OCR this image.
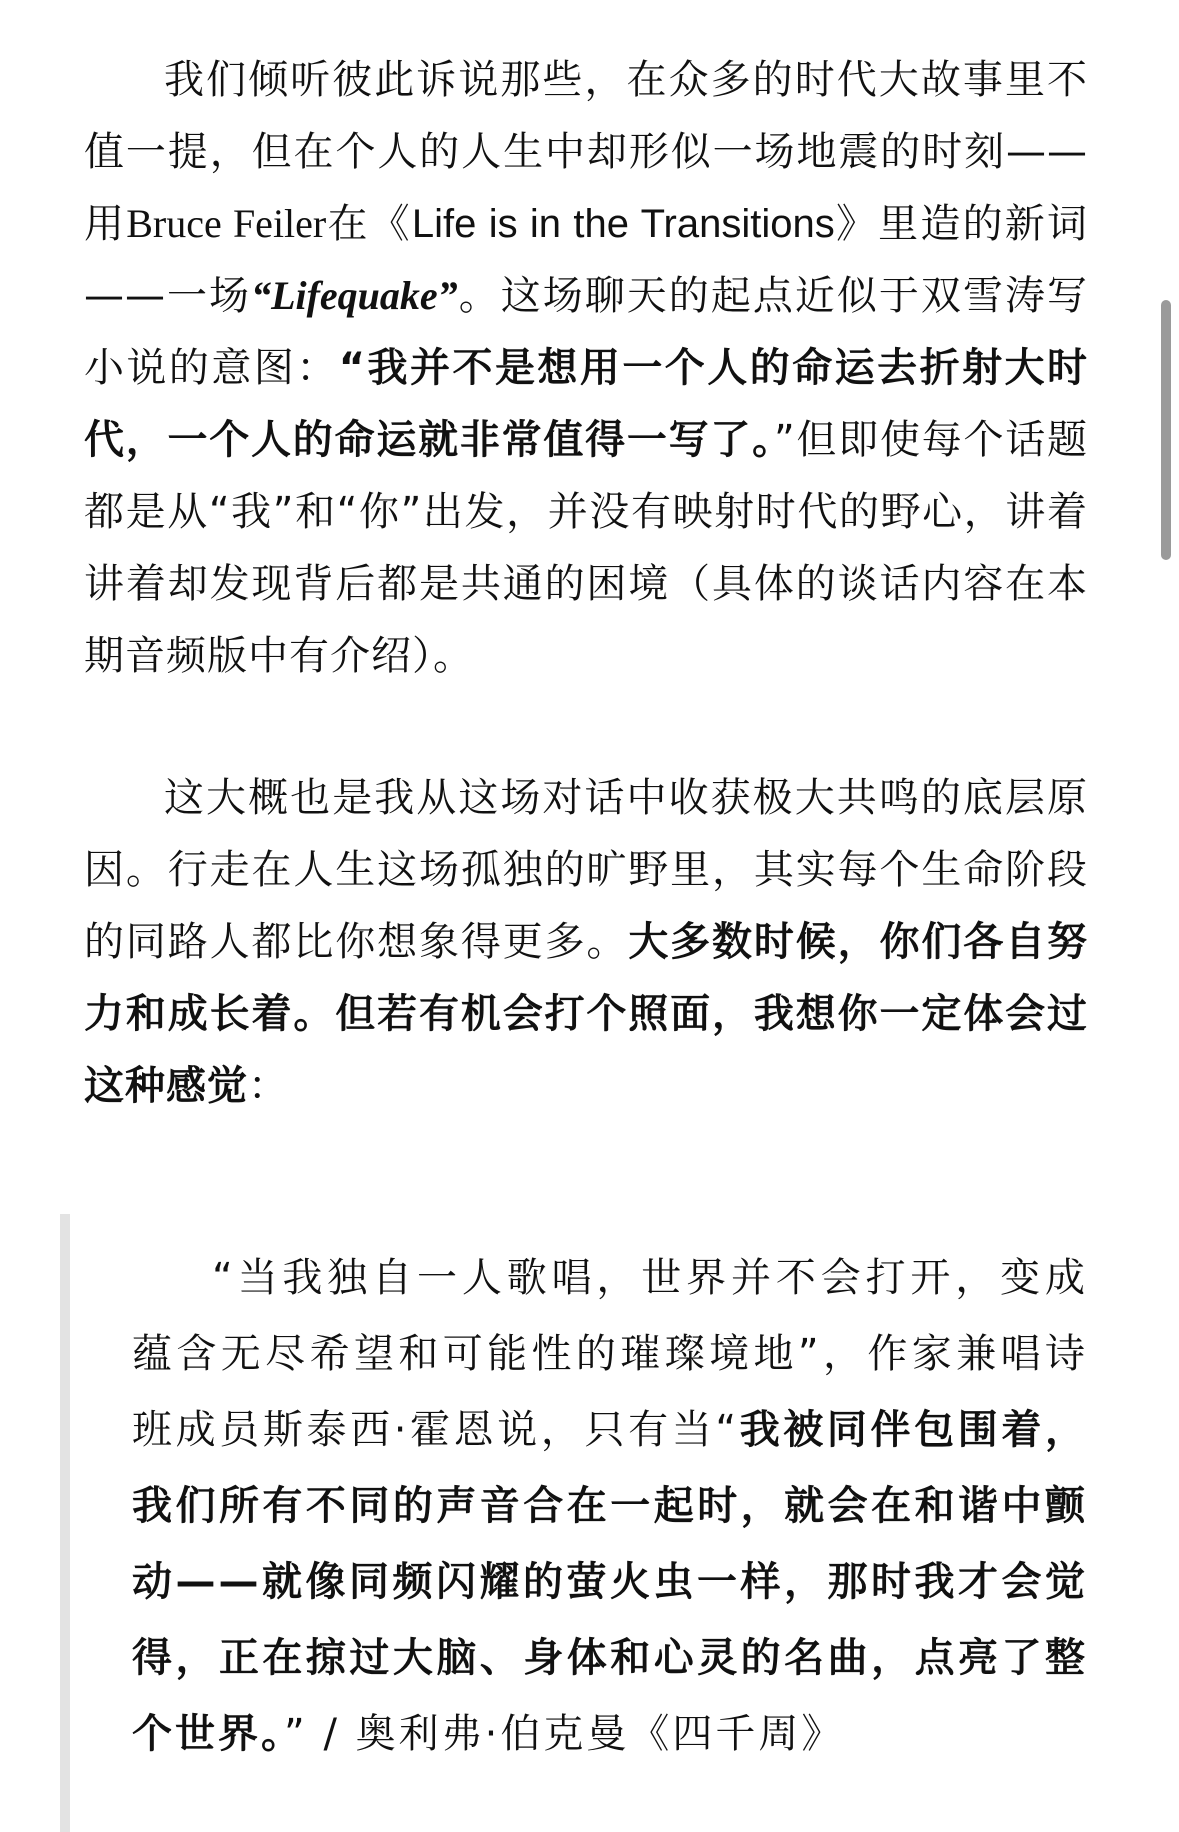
我们倾听彼此诉说那些，在众多的时代大故事里不值一提，但在个人的人生中却形似一场地震的时刻——用Bruce Feiler在《Life is in the Transitions》里造的新词——一场“Lifequake”。这场聊天的起点近似于双雪涛写小说的意图：“我并不是想用一个人的命运去折射大时代，一个人的命运就非常值得一写了。”但即使每个话题都是从“我”和“你”出发，并没有映射时代的野心，讲着讲着却发现背后都是共通的困境（具体的谈话内容在本期音频版中有介绍）。

这大概也是我从这场对话中收获极大共鸣的底层原因。行走在人生这场孤独的旷野里，其实每个生命阶段的同路人都比你想象得更多。大多数时候，你们各自努力和成长着。但若有机会打个照面，我想你一定体会过这种感觉：

“当我独自一人歌唱，世界并不会打开，变成蕴含无尽希望和可能性的璀璨境地”，作家兼唱诗班成员斯泰西·霍恩说，只有当“我被同伴包围着，我们所有不同的声音合在一起时，就会在和谐中颤动——就像同频闪耀的萤火虫一样，那时我才会觉得，正在掠过大脑、身体和心灵的名曲，点亮了整个世界。” / 奥利弗·伯克曼《四千周》
